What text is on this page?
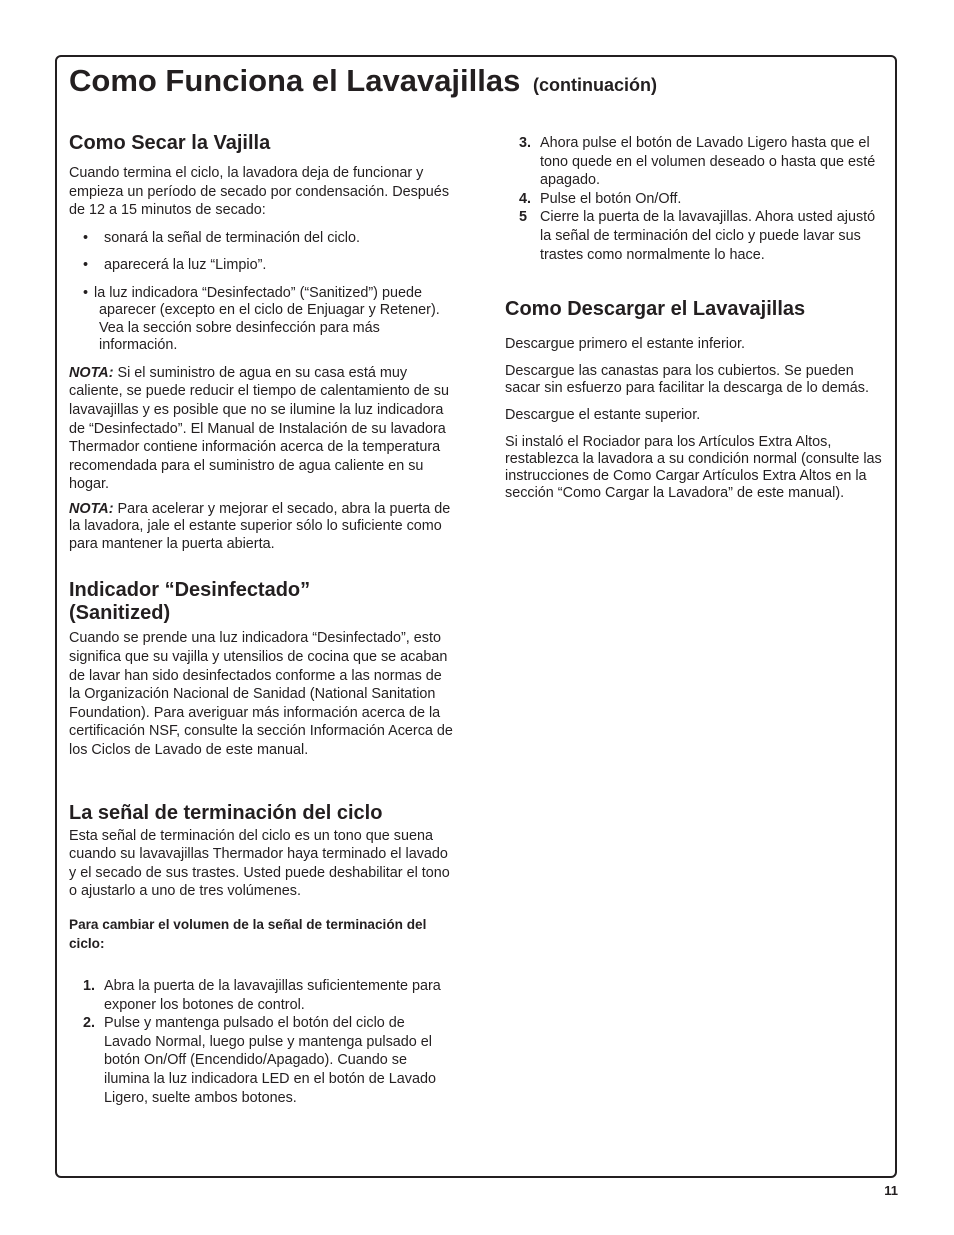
Como Funciona el Lavavajillas (continuación)
Como Secar la Vajilla

Cuando termina el ciclo, la lavadora deja de funcionar y empieza un período de secado por condensación. Después de 12 a 15 minutos de secado:

• sonará la señal de terminación del ciclo.
• aparecerá la luz “Limpio”.
• la luz indicadora “Desinfectado” (“Sanitized”) puede aparecer (excepto en el ciclo de Enjuagar y Retener). Vea la sección sobre desinfección para más información.

NOTA: Si el suministro de agua en su casa está muy caliente, se puede reducir el tiempo de calentamiento de su lavavajillas y es posible que no se ilumine la luz indicadora de “Desinfectado”. El Manual de Instalación de su lavadora Thermador contiene información acerca de la temperatura recomendada para el suministro de agua caliente en su hogar.

NOTA: Para acelerar y mejorar el secado, abra la puerta de la lavadora, jale el estante superior sólo lo suficiente como para mantener la puerta abierta.

Indicador “Desinfectado”
(Sanitized)

Cuando se prende una luz indicadora “Desinfectado”, esto significa que su vajilla y utensilios de cocina que se acaban de lavar han sido desinfectados conforme a las normas de la Organización Nacional de Sanidad (National Sanitation Foundation). Para averiguar más información acerca de la certificación NSF, consulte la sección Información Acerca de los Ciclos de Lavado de este manual.

La señal de terminación del ciclo

Esta señal de terminación del ciclo es un tono que suena cuando su lavavajillas Thermador haya terminado el lavado y el secado de sus trastes. Usted puede deshabilitar el tono o ajustarlo a uno de tres volúmenes.

Para cambiar el volumen de la señal de terminación del ciclo:

1. Abra la puerta de la lavavajillas suficientemente para exponer los botones de control.
2. Pulse y mantenga pulsado el botón del ciclo de Lavado Normal, luego pulse y mantenga pulsado el botón On/Off (Encendido/Apagado). Cuando se ilumina la luz indicadora LED en el botón de Lavado Ligero, suelte ambos botones.
3. Ahora pulse el botón de Lavado Ligero hasta que el tono quede en el volumen deseado o hasta que esté apagado.
4. Pulse el botón On/Off.
5 Cierre la puerta de la lavavajillas. Ahora usted ajustó la señal de terminación del ciclo y puede lavar sus trastes como normalmente lo hace.
Como Descargar el Lavavajillas

Descargue primero el estante inferior.

Descargue las canastas para los cubiertos. Se pueden sacar sin esfuerzo para facilitar la descarga de lo demás.

Descargue el estante superior.

Si instaló el Rociador para los Artículos Extra Altos, restablezca la lavadora a su condición normal (consulte las instrucciones de Como Cargar Artículos Extra Altos en la sección “Como Cargar la Lavadora” de este manual).

11
